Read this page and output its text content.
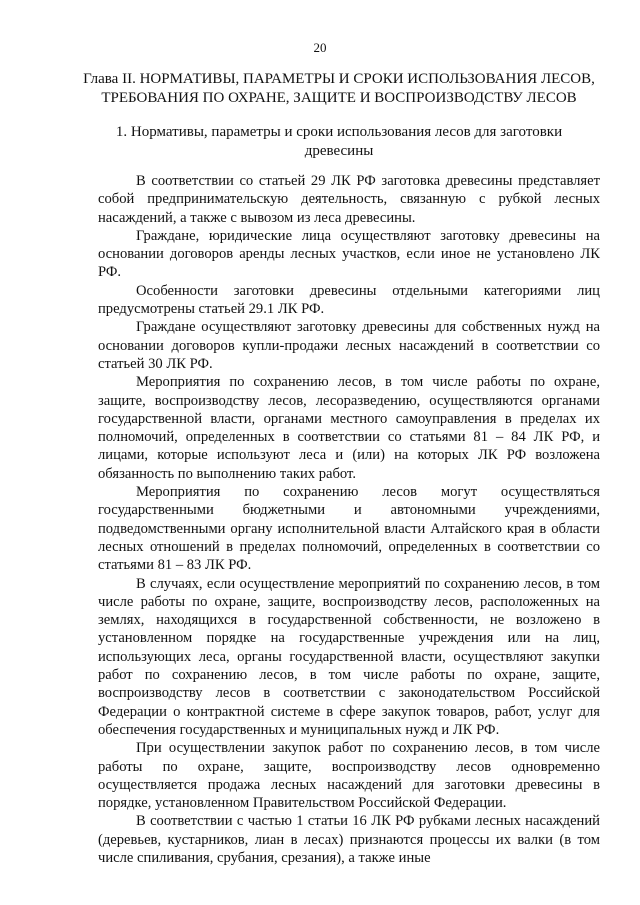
20
Глава II. НОРМАТИВЫ, ПАРАМЕТРЫ И СРОКИ ИСПОЛЬЗОВАНИЯ ЛЕСОВ, ТРЕБОВАНИЯ ПО ОХРАНЕ, ЗАЩИТЕ И ВОСПРОИЗВОДСТВУ ЛЕСОВ
1. Нормативы, параметры и сроки использования лесов для заготовки древесины

В соответствии со статьей 29 ЛК РФ заготовка древесины представляет собой предпринимательскую деятельность, связанную с рубкой лесных насаждений, а также с вывозом из леса древесины.

Граждане, юридические лица осуществляют заготовку древесины на основании договоров аренды лесных участков, если иное не установлено ЛК РФ.

Особенности заготовки древесины отдельными категориями лиц предусмотрены статьей 29.1 ЛК РФ.

Граждане осуществляют заготовку древесины для собственных нужд на основании договоров купли-продажи лесных насаждений в соответствии со статьей 30 ЛК РФ.

Мероприятия по сохранению лесов, в том числе работы по охране, защите, воспроизводству лесов, лесоразведению, осуществляются органами государственной власти, органами местного самоуправления в пределах их полномочий, определенных в соответствии со статьями 81 – 84 ЛК РФ, и лицами, которые используют леса и (или) на которых ЛК РФ возложена обязанность по выполнению таких работ.

Мероприятия по сохранению лесов могут осуществляться государственными бюджетными и автономными учреждениями, подведомственными органу исполнительной власти Алтайского края в области лесных отношений в пределах полномочий, определенных в соответствии со статьями 81 – 83 ЛК РФ.

В случаях, если осуществление мероприятий по сохранению лесов, в том числе работы по охране, защите, воспроизводству лесов, расположенных на землях, находящихся в государственной собственности, не возложено в установленном порядке на государственные учреждения или на лиц, использующих леса, органы государственной власти, осуществляют закупки работ по сохранению лесов, в том числе работы по охране, защите, воспроизводству лесов в соответствии с законодательством Российской Федерации о контрактной системе в сфере закупок товаров, работ, услуг для обеспечения государственных и муниципальных нужд и ЛК РФ.

При осуществлении закупок работ по сохранению лесов, в том числе работы по охране, защите, воспроизводству лесов одновременно осуществляется продажа лесных насаждений для заготовки древесины в порядке, установленном Правительством Российской Федерации.

В соответствии с частью 1 статьи 16 ЛК РФ рубками лесных насаждений (деревьев, кустарников, лиан в лесах) признаются процессы их валки (в том числе спиливания, срубания, срезания), а также иные
